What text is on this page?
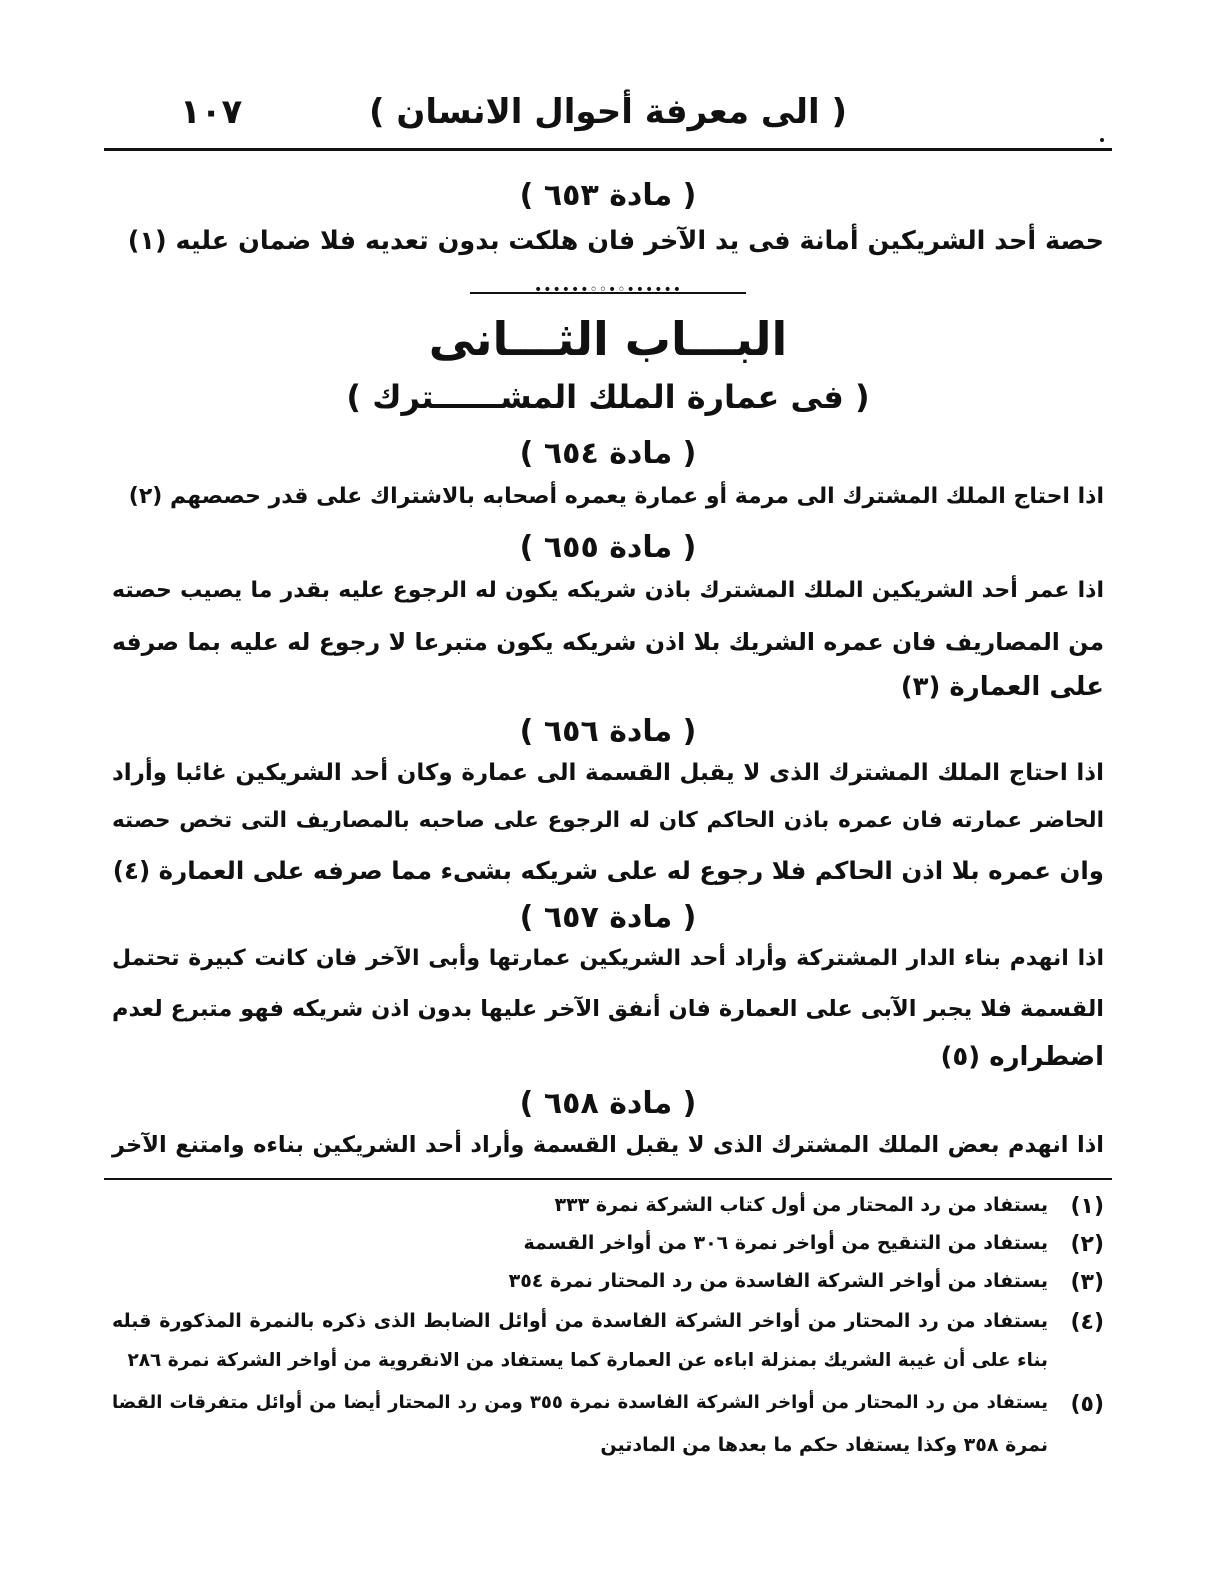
( الى معرفة أحوال الانسان )
١٠٧
( مادة ٦٥٣ )
حصة أحد الشريكين أمانة فى يد الآخر فان هلكت بدون تعديه فلا ضمان عليه (١)
••••••◦•◦◦••••••
البـــاب الثـــانى
( فى عمارة الملك المشــــــترك )
( مادة ٦٥٤ )
اذا احتاج الملك المشترك الى مرمة أو عمارة يعمره أصحابه بالاشتراك على قدر حصصهم (٢)
( مادة ٦٥٥ )
اذا عمر أحد الشريكين الملك المشترك باذن شريكه يكون له الرجوع عليه بقدر ما يصيب حصته
من المصاريف فان عمره الشريك بلا اذن شريكه يكون متبرعا لا رجوع له عليه بما صرفه
على العمارة (٣)
( مادة ٦٥٦ )
اذا احتاج الملك المشترك الذى لا يقبل القسمة الى عمارة وكان أحد الشريكين غائبا وأراد
الحاضر عمارته فان عمره باذن الحاكم كان له الرجوع على صاحبه بالمصاريف التى تخص حصته
وان عمره بلا اذن الحاكم فلا رجوع له على شريكه بشىء مما صرفه على العمارة (٤)
( مادة ٦٥٧ )
اذا انهدم بناء الدار المشتركة وأراد أحد الشريكين عمارتها وأبى الآخر فان كانت كبيرة تحتمل
القسمة فلا يجبر الآبى على العمارة فان أنفق الآخر عليها بدون اذن شريكه فهو متبرع لعدم
اضطراره (٥)
( مادة ٦٥٨ )
اذا انهدم بعض الملك المشترك الذى لا يقبل القسمة وأراد أحد الشريكين بناءه وامتنع الآخر
(١)
يستفاد من رد المحتار من أول كتاب الشركة نمرة ٣٣٣
(٢)
يستفاد من التنقيح من أواخر نمرة ٣٠٦ من أواخر القسمة
(٣)
يستفاد من أواخر الشركة الفاسدة من رد المحتار نمرة ٣٥٤
(٤)
يستفاد من رد المحتار من أواخر الشركة الفاسدة من أوائل الضابط الذى ذكره بالنمرة المذكورة قبله
بناء على أن غيبة الشريك بمنزلة اباءه عن العمارة كما يستفاد من الانقروية من أواخر الشركة نمرة ٢٨٦
(٥)
يستفاد من رد المحتار من أواخر الشركة الفاسدة نمرة ٣٥٥ ومن رد المحتار أيضا من أوائل متفرقات القضا
نمرة ٣٥٨ وكذا يستفاد حكم ما بعدها من المادتين
